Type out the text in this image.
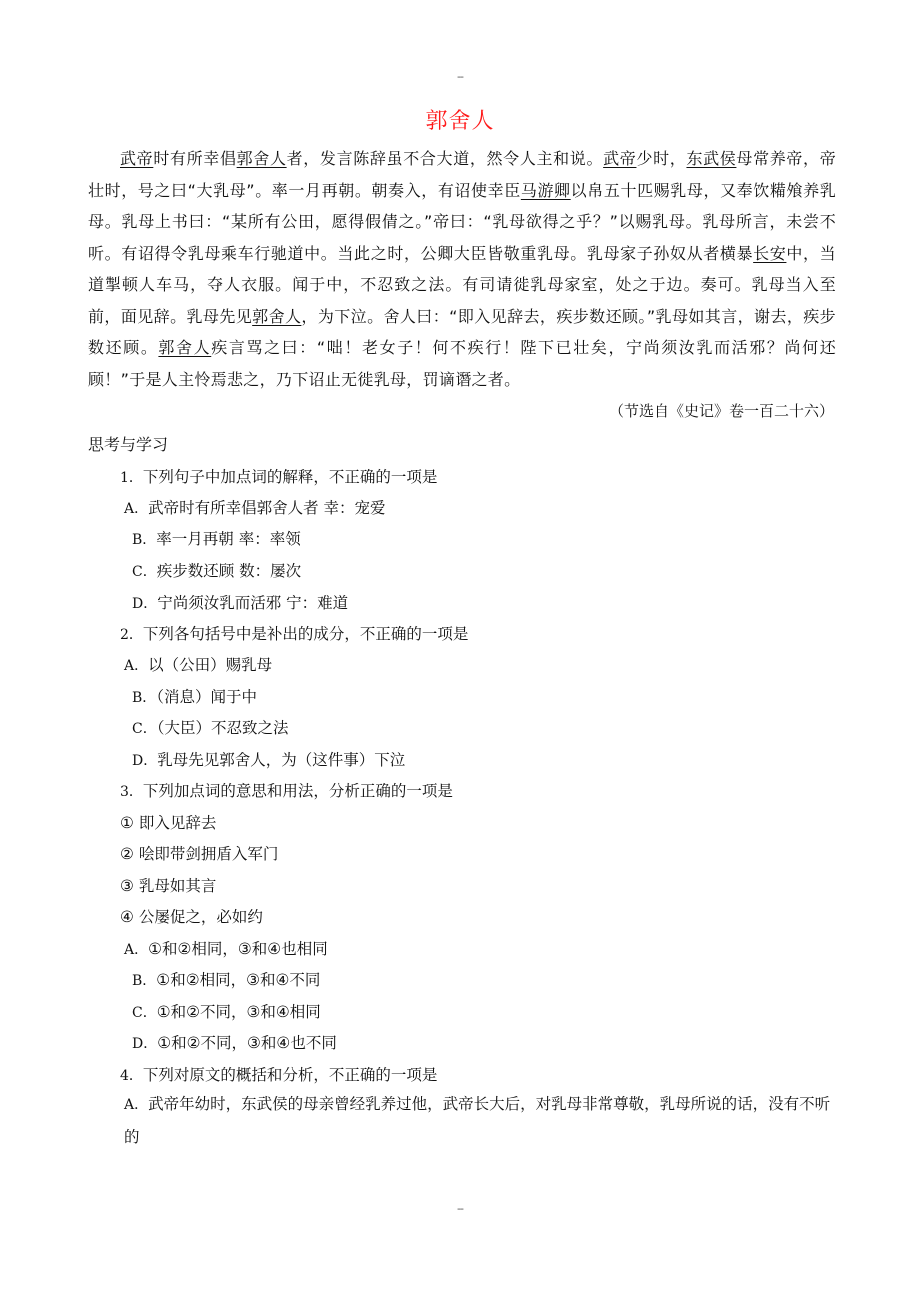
--
郭舍人

武帝时有所幸倡郭舍人者，发言陈辞虽不合大道，然令人主和说。武帝少时，东武侯母常养帝，帝壮时，号之曰“大乳母”。率一月再朝。朝奏入，有诏使幸臣马游卿以帛五十匹赐乳母，又奉饮糒飧养乳母。乳母上书曰：“某所有公田，愿得假倩之。”帝曰：“乳母欲得之乎？”以赐乳母。乳母所言，未尝不听。有诏得令乳母乘车行驰道中。当此之时，公卿大臣皆敬重乳母。乳母家子孙奴从者横暴长安中，当道掣顿人车马，夺人衣服。闻于中，不忍致之法。有司请徙乳母家室，处之于边。奏可。乳母当入至前，面见辞。乳母先见郭舍人，为下泣。舍人曰：“即入见辞去，疾步数还顾。”乳母如其言，谢去，疾步数还顾。郭舍人疾言骂之曰：“咄！老女子！何不疾行！陛下已壮矣，宁尚须汝乳而活邪？尚何还顾！”于是人主怜焉悲之，乃下诏止无徙乳母，罚谪谮之者。

（节选自《史记》卷一百二十六）
思考与学习
1．下列句子中加点词的解释，不正确的一项是
A．武帝时有所幸倡郭舍人者 幸：宠爱
B．率一月再朝 率：率领
C．疾步数还顾 数：屡次
D．宁尚须汝乳而活邪 宁：难道
2．下列各句括号中是补出的成分，不正确的一项是
A．以（公田）赐乳母
B．（消息）闻于中
C．（大臣）不忍致之法
D．乳母先见郭舍人，为（这件事）下泣
3．下列加点词的意思和用法，分析正确的一项是
① 即入见辞去
② 哙即带剑拥盾入军门
③ 乳母如其言
④ 公屡促之，必如约
A．①和②相同，③和④也相同
B．①和②相同，③和④不同
C．①和②不同，③和④相同
D．①和②不同，③和④也不同
4．下列对原文的概括和分析，不正确的一项是
A．武帝年幼时，东武侯的母亲曾经乳养过他，武帝长大后，对乳母非常尊敬，乳母所说的话，没有不听的
--
